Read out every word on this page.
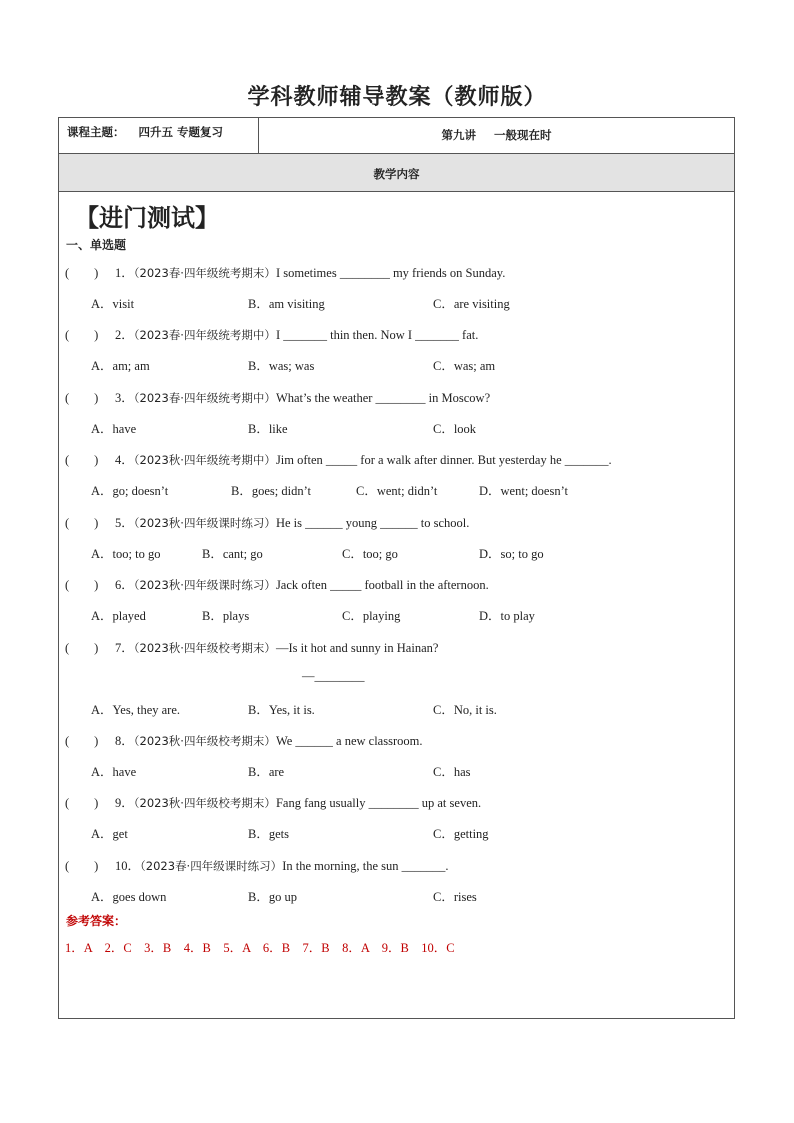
学科教师辅导教案（教师版）
课程主题： 四升五 专题复习	第九讲 一般现在时
教学内容
【进门测试】
一、单选题
(　　) 1．（2023春·四年级统考期末）I sometimes ________ my friends on Sunday.
A．visit	B．am visiting	C．are visiting
(　　) 2．（2023春·四年级统考期中）I _______ thin then. Now I _______ fat.
A．am; am	B．was; was	C．was; am
(　　) 3．（2023春·四年级统考期中）What’s the weather ________ in Moscow?
A．have	B．like	C．look
(　　) 4．（2023秋·四年级统考期中）Jim often _____ for a walk after dinner. But yesterday he _______.
A．go; doesn’t	B．goes; didn’t	C．went; didn’t	D．went; doesn’t
(　　) 5．（2023秋·四年级课时练习）He is ______ young ______ to school.
A．too; to go	B．cant; go	C．too; go	D．so; to go
(　　) 6．（2023秋·四年级课时练习）Jack often _____ football in the afternoon.
A．played	B．plays	C．playing	D．to play
(　　) 7．（2023秋·四年级校考期末）—Is it hot and sunny in Hainan?
—________
A．Yes, they are.	B．Yes, it is.	C．No, it is.
(　　) 8．（2023秋·四年级校考期末）We ______ a new classroom.
A．have	B．are	C．has
(　　) 9．（2023秋·四年级校考期末）Fang fang usually ________ up at seven.
A．get	B．gets	C．getting
(　　) 10．（2023春·四年级课时练习）In the morning, the sun _______.
A．goes down	B．go up	C．rises
参考答案：
1．A　2．C　3．B　4．B　5．A　6．B　7．B　8．A　9．B　10．C
